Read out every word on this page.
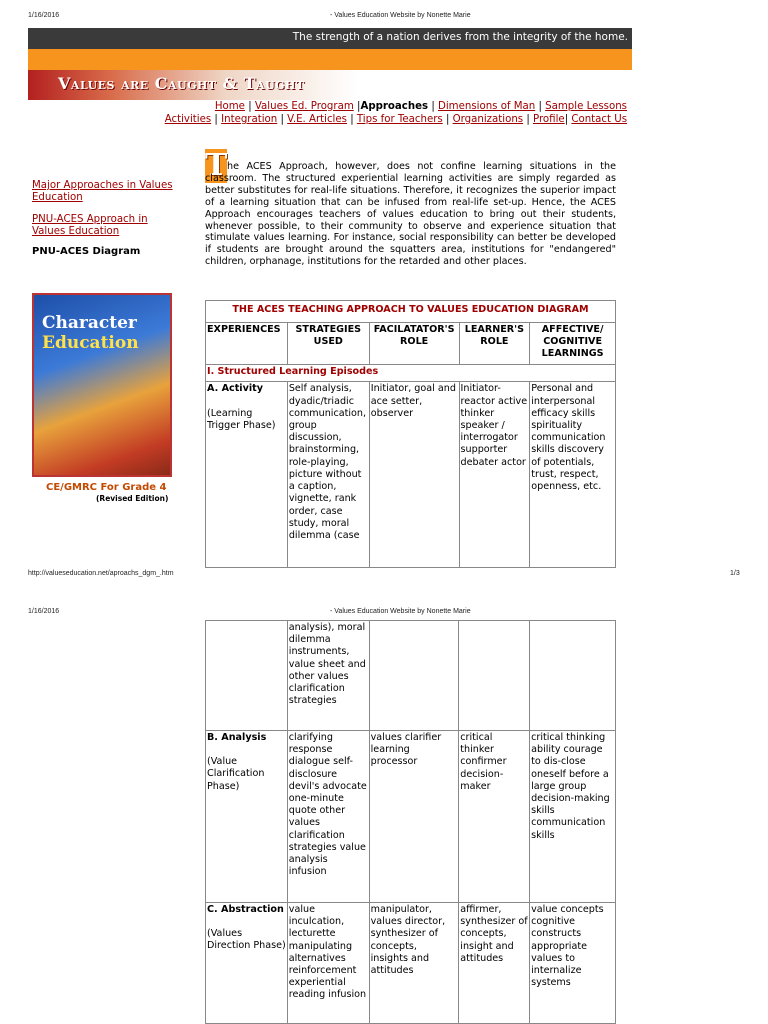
1/16/2016	- Values Education Website by Nonette Marie
The strength of a nation derives from the integrity of the home.
Values are Caught & Taught
Home | Values Ed. Program |Approaches | Dimensions of Man | Sample Lessons
Activities | Integration | V.E. Articles | Tips for Teachers | Organizations | Profile| Contact Us
Major Approaches in Values Education
PNU-ACES Approach in Values Education
PNU-ACES Diagram
Character
Education
CE/GMRC For Grade 4
(Revised Edition)
T he ACES Approach, however, does not confine learning situations in the classroom. The structured experiential learning activities are simply regarded as better substitutes for real-life situations. Therefore, it recognizes the superior impact of a learning situation that can be infused from real-life set-up. Hence, the ACES Approach encourages teachers of values education to bring out their students, whenever possible, to their community to observe and experience situation that stimulate values learning. For instance, social responsibility can better be developed if students are brought around the squatters area, institutions for "endangered" children, orphanage, institutions for the retarded and other places.
THE ACES TEACHING APPROACH TO VALUES EDUCATION DIAGRAM				
EXPERIENCES	STRATEGIES USED	FACILATATOR'S ROLE	LEARNER'S ROLE	AFFECTIVE/ COGNITIVE LEARNINGS
I. Structured Learning Episodes				

A. Activity
(Learning Trigger Phase)	Self analysis, dyadic/triadic communication, group discussion, brainstorming, role-playing, picture without a caption, vignette, rank order, case study, moral dilemma (case	Initiator, goal and ace setter, observer	Initiator-reactor active thinker speaker / interrogator supporter debater actor	Personal and interpersonal efficacy skills spirituality communication skills discovery of potentials, trust, respect, openness, etc.
http://valueseducation.net/aproachs_dgm_.htm	1/3
1/16/2016	- Values Education Website by Nonette Marie
	analysis), moral dilemma instruments, value sheet and other values clarification strategies			

B. Analysis
(Value Clarification Phase)	clarifying response dialogue self-disclosure devil's advocate one-minute quote other values clarification strategies value analysis infusion	values clarifier learning processor	critical thinker confirmer decision-maker	critical thinking ability courage to dis-close oneself before a large group decision-making skills communication skills

C. Abstraction
(Values Direction Phase)	value inculcation, lecturette manipulating alternatives reinforcement experiential reading infusion	manipulator, values director, synthesizer of concepts, insights and attitudes	affirmer, synthesizer of concepts, insight and attitudes	value concepts cognitive constructs appropriate values to internalize systems
